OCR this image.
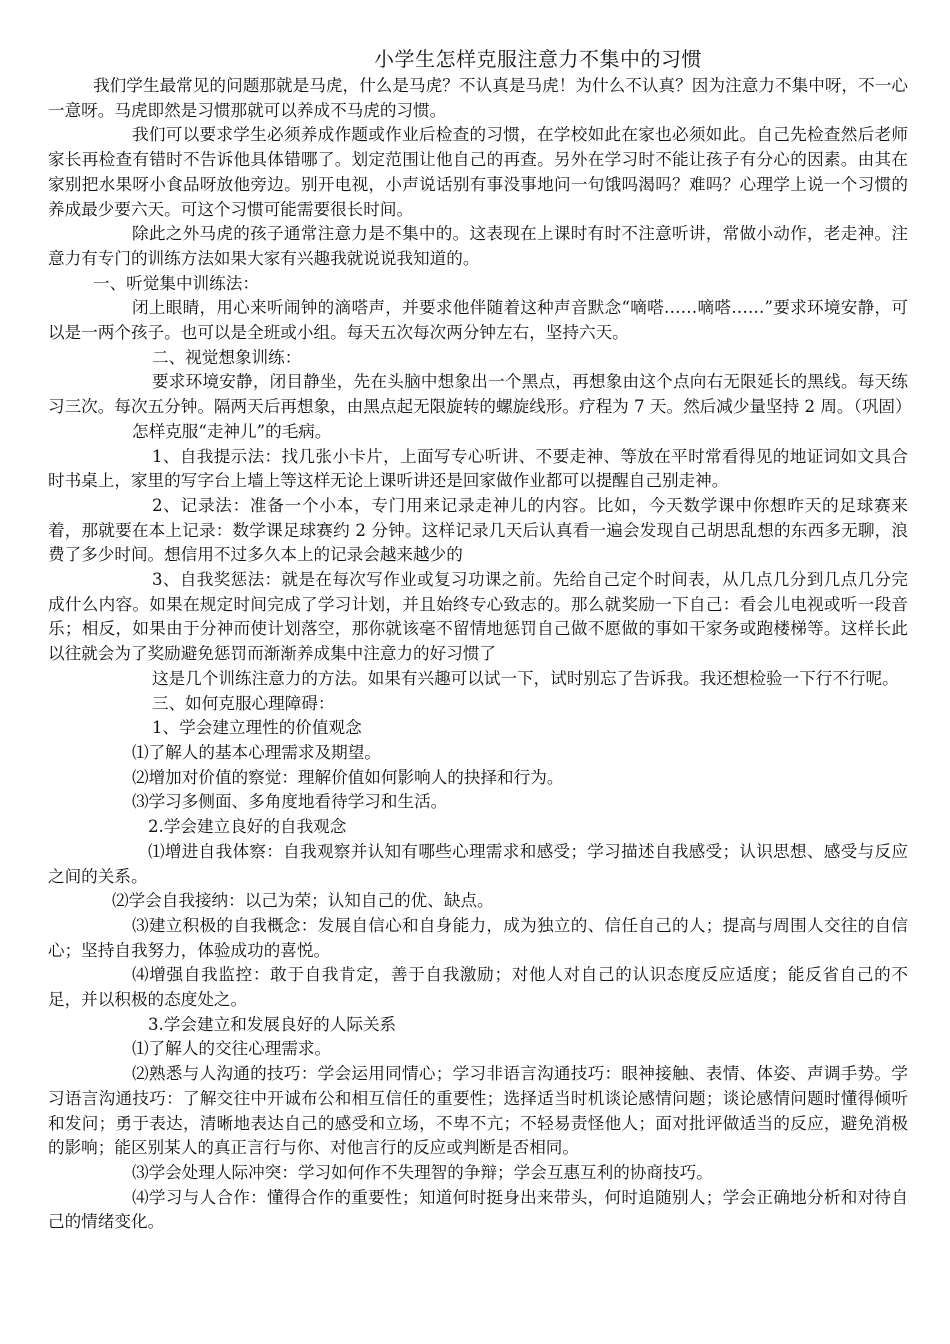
小学生怎样克服注意力不集中的习惯

我们学生最常见的问题那就是马虎，什么是马虎？不认真是马虎！为什么不认真？因为注意力不集中呀，不一心一意呀。马虎即然是习惯那就可以养成不马虎的习惯。

我们可以要求学生必须养成作题或作业后检查的习惯，在学校如此在家也必须如此。自己先检查然后老师家长再检查有错时不告诉他具体错哪了。划定范围让他自己的再查。另外在学习时不能让孩子有分心的因素。由其在家别把水果呀小食品呀放他旁边。别开电视，小声说话别有事没事地问一句饿吗渴吗？难吗？心理学上说一个习惯的养成最少要六天。可这个习惯可能需要很长时间。

除此之外马虎的孩子通常注意力是不集中的。这表现在上课时有时不注意听讲，常做小动作，老走神。注意力有专门的训练方法如果大家有兴趣我就说说我知道的。

一、听觉集中训练法：

闭上眼睛，用心来听闹钟的滴嗒声，并要求他伴随着这种声音默念“嘀嗒……嘀嗒……”要求环境安静，可以是一两个孩子。也可以是全班或小组。每天五次每次两分钟左右，坚持六天。

二、视觉想象训练：

要求环境安静，闭目静坐，先在头脑中想象出一个黑点，再想象由这个点向右无限延长的黑线。每天练习三次。每次五分钟。隔两天后再想象，由黑点起无限旋转的螺旋线形。疗程为 7 天。然后减少量坚持 2 周。（巩固）

怎样克服“走神儿”的毛病。

1、自我提示法：找几张小卡片，上面写专心听讲、不要走神、等放在平时常看得见的地证词如文具合时书桌上，家里的写字台上墙上等这样无论上课听讲还是回家做作业都可以提醒自己别走神。

2、记录法：准备一个小本，专门用来记录走神儿的内容。比如，今天数学课中你想昨天的足球赛来着，那就要在本上记录：数学课足球赛约 2 分钟。这样记录几天后认真看一遍会发现自己胡思乱想的东西多无聊，浪费了多少时间。想信用不过多久本上的记录会越来越少的

3、自我奖惩法：就是在每次写作业或复习功课之前。先给自己定个时间表，从几点几分到几点几分完成什么内容。如果在规定时间完成了学习计划，并且始终专心致志的。那么就奖励一下自己：看会儿电视或听一段音乐；相反，如果由于分神而使计划落空，那你就该毫不留情地惩罚自己做不愿做的事如干家务或跑楼梯等。这样长此以往就会为了奖励避免惩罚而渐渐养成集中注意力的好习惯了

这是几个训练注意力的方法。如果有兴趣可以试一下，试时别忘了告诉我。我还想检验一下行不行呢。

三、如何克服心理障碍：

1、学会建立理性的价值观念

⑴了解人的基本心理需求及期望。

⑵增加对价值的察觉：理解价值如何影响人的抉择和行为。

⑶学习多侧面、多角度地看待学习和生活。

2.学会建立良好的自我观念

⑴增进自我体察：自我观察并认知有哪些心理需求和感受；学习描述自我感受；认识思想、感受与反应之间的关系。

⑵学会自我接纳：以己为荣；认知自己的优、缺点。

⑶建立积极的自我概念：发展自信心和自身能力，成为独立的、信任自己的人；提高与周围人交往的自信心；坚持自我努力，体验成功的喜悦。

⑷增强自我监控：敢于自我肯定，善于自我激励；对他人对自己的认识态度反应适度；能反省自己的不足，并以积极的态度处之。

3.学会建立和发展良好的人际关系

⑴了解人的交往心理需求。

⑵熟悉与人沟通的技巧：学会运用同情心；学习非语言沟通技巧：眼神接触、表情、体姿、声调手势。学习语言沟通技巧：了解交往中开诚布公和相互信任的重要性；选择适当时机谈论感情问题；谈论感情问题时懂得倾听和发问；勇于表达，清晰地表达自己的感受和立场，不卑不亢；不轻易责怪他人；面对批评做适当的反应，避免消极的影响；能区别某人的真正言行与你、对他言行的反应或判断是否相同。

⑶学会处理人际冲突：学习如何作不失理智的争辩；学会互惠互利的协商技巧。

⑷学习与人合作：懂得合作的重要性；知道何时挺身出来带头，何时追随别人；学会正确地分析和对待自己的情绪变化。
